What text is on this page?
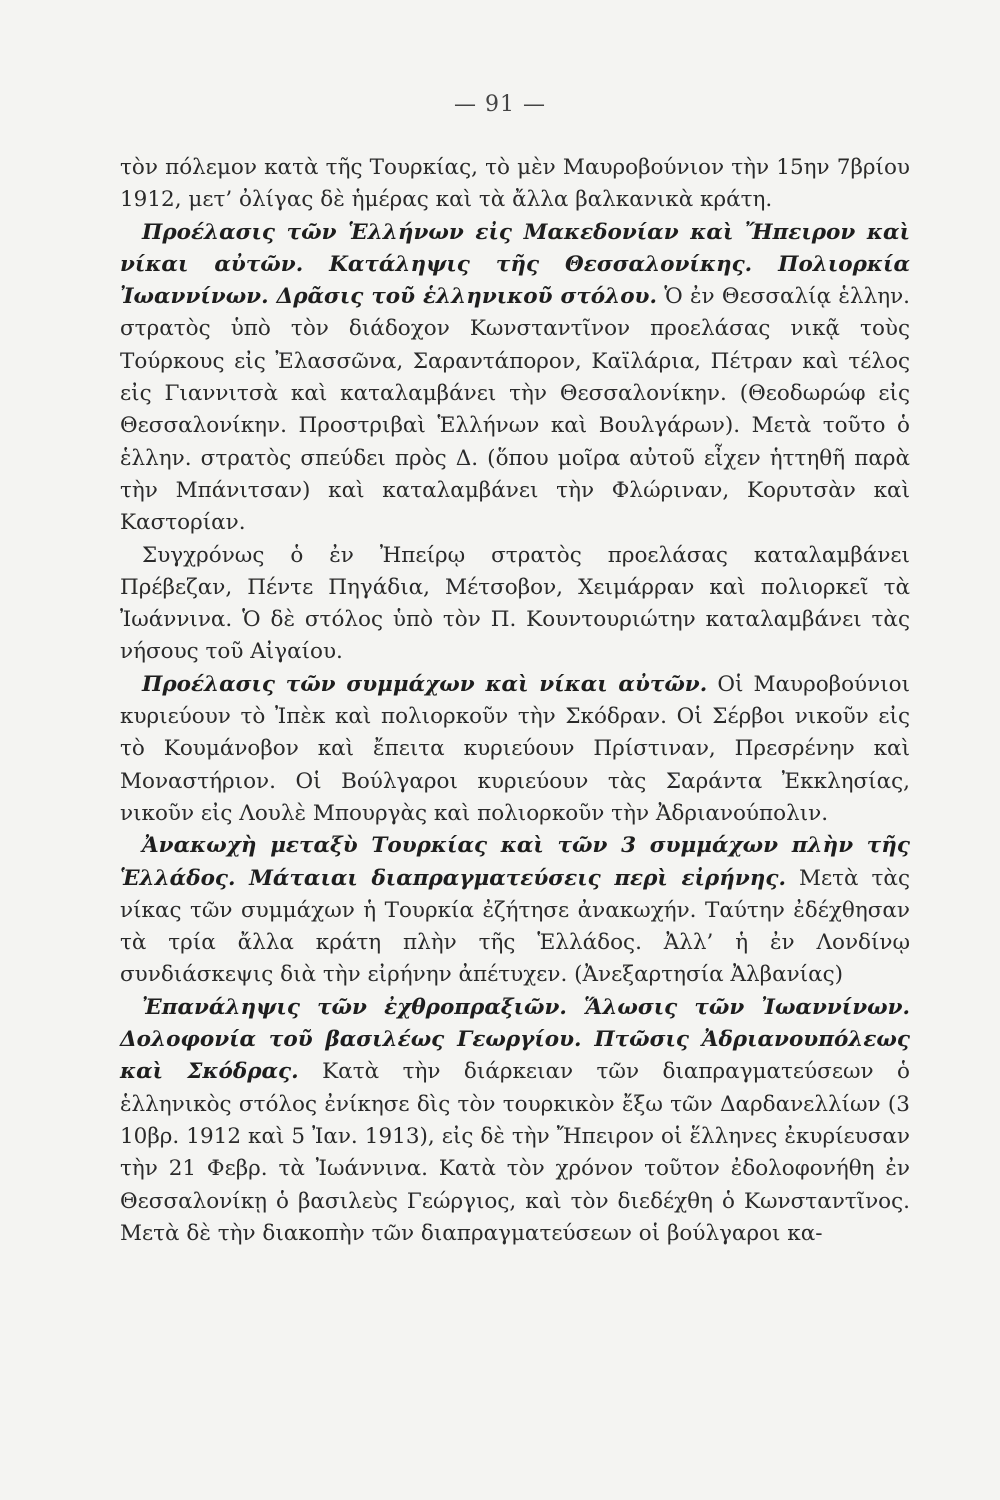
— 91 —

τὸν πόλεμον κατὰ τῆς Τουρκίας, τὸ μὲν Μαυροβούνιον τὴν 15ην 7βρίου 1912, μετ’ ὀλίγας δὲ ἡμέρας καὶ τὰ ἄλλα βαλκανικὰ κράτη.

Προέλασις τῶν Ἑλλήνων εἰς Μακεδονίαν καὶ Ἤπειρον καὶ νίκαι αὐτῶν. Κατάληψις τῆς Θεσσαλονίκης. Πολιορκία Ἰωαννίνων. Δρᾶσις τοῦ ἑλληνικοῦ στόλου. Ὁ ἐν Θεσσαλίᾳ ἑλλην. στρατὸς ὑπὸ τὸν διάδοχον Κωνσταντῖνον προελάσας νικᾷ τοὺς Τούρκους εἰς Ἐλασσῶνα, Σαραντάπορον, Καϊλάρια, Πέτραν καὶ τέλος εἰς Γιαννιτσὰ καὶ καταλαμβάνει τὴν Θεσσαλονίκην. (Θεοδωρώφ εἰς Θεσσαλονίκην. Προστριβαὶ Ἑλλήνων καὶ Βουλγάρων). Μετὰ τοῦτο ὁ ἑλλην. στρατὸς σπεύδει πρὸς Δ. (ὅπου μοῖρα αὐτοῦ εἶχεν ἡττηθῆ παρὰ τὴν Μπάνιτσαν) καὶ καταλαμβάνει τὴν Φλώριναν, Κορυτσὰν καὶ Καστορίαν.

Συγχρόνως ὁ ἐν Ἠπείρῳ στρατὸς προελάσας καταλαμβάνει Πρέβεζαν, Πέντε Πηγάδια, Μέτσοβον, Χειμάρραν καὶ πολιορκεῖ τὰ Ἰωάννινα. Ὁ δὲ στόλος ὑπὸ τὸν Π. Κουντουριώτην καταλαμβάνει τὰς νήσους τοῦ Αἰγαίου.

Προέλασις τῶν συμμάχων καὶ νίκαι αὐτῶν. Οἱ Μαυροβούνιοι κυριεύουν τὸ Ἰπὲκ καὶ πολιορκοῦν τὴν Σκόδραν. Οἱ Σέρβοι νικοῦν εἰς τὸ Κουμάνοβον καὶ ἔπειτα κυριεύουν Πρίστιναν, Πρεσρένην καὶ Μοναστήριον. Οἱ Βούλγαροι κυριεύουν τὰς Σαράντα Ἐκκλησίας, νικοῦν εἰς Λουλὲ Μπουργὰς καὶ πολιορκοῦν τὴν Ἀδριανούπολιν.

Ἀνακωχὴ μεταξὺ Τουρκίας καὶ τῶν 3 συμμάχων πλὴν τῆς Ἑλλάδος. Μάταιαι διαπραγματεύσεις περὶ εἰρήνης. Μετὰ τὰς νίκας τῶν συμμάχων ἡ Τουρκία ἐζήτησε ἀνακωχήν. Ταύτην ἐδέχθησαν τὰ τρία ἄλλα κράτη πλὴν τῆς Ἑλλάδος. Ἀλλ’ ἡ ἐν Λονδίνῳ συνδιάσκεψις διὰ τὴν εἰρήνην ἀπέτυχεν. (Ἀνεξαρτησία Ἀλβανίας)

Ἐπανάληψις τῶν ἐχθροπραξιῶν. Ἅλωσις τῶν Ἰωαννίνων. Δολοφονία τοῦ βασιλέως Γεωργίου. Πτῶσις Ἀδριανουπόλεως καὶ Σκόδρας. Κατὰ τὴν διάρκειαν τῶν διαπραγματεύσεων ὁ ἑλληνικὸς στόλος ἐνίκησε δὶς τὸν τουρκικὸν ἔξω τῶν Δαρδανελλίων (3 10βρ. 1912 καὶ 5 Ἰαν. 1913), εἰς δὲ τὴν Ἤπειρον οἱ ἕλληνες ἐκυρίευσαν τὴν 21 Φεβρ. τὰ Ἰωάννινα. Κατὰ τὸν χρόνον τοῦτον ἐδολοφονήθη ἐν Θεσσαλονίκῃ ὁ βασιλεὺς Γεώργιος, καὶ τὸν διεδέχθη ὁ Κωνσταντῖνος. Μετὰ δὲ τὴν διακοπὴν τῶν διαπραγματεύσεων οἱ βούλγαροι κα-
